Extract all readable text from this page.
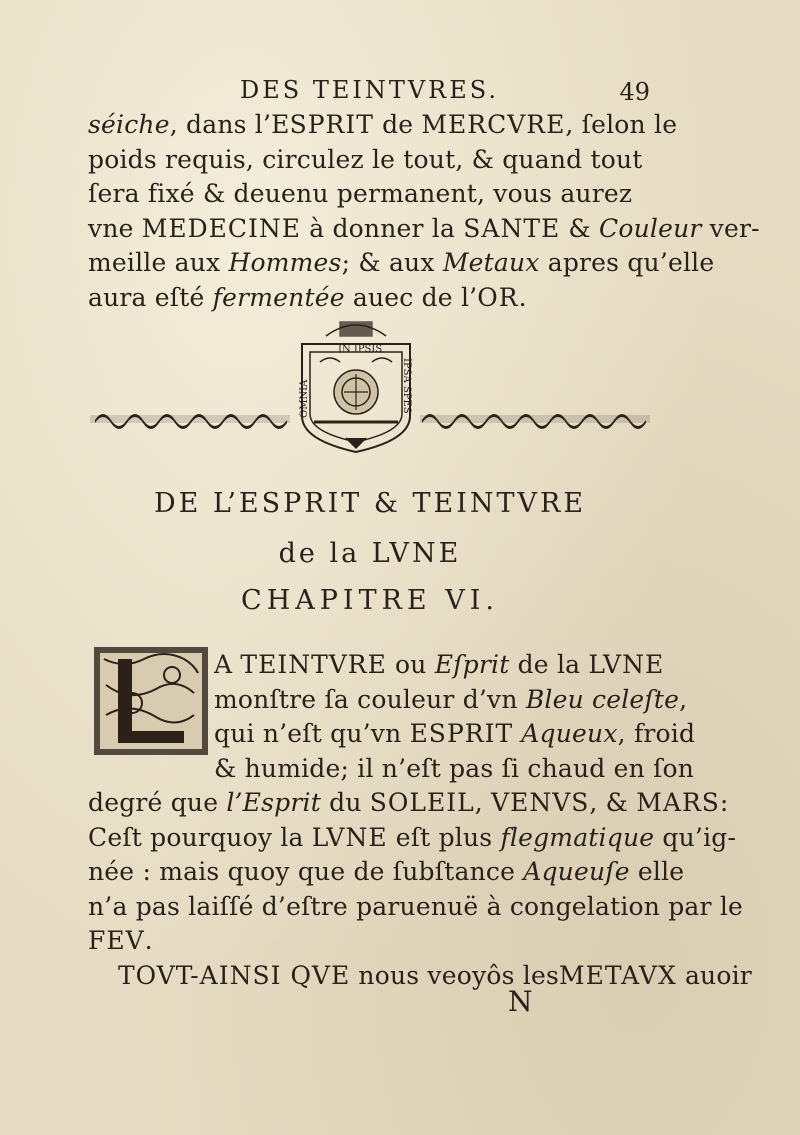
DES TEINTVRES.	49
séiche, dans l’ESPRIT de MERCVRE, ſelon le
poids requis, circulez le tout, & quand tout
ſera fixé & deuenu permanent, vous aurez
vne MEDECINE à donner la SANTE & Couleur ver-
meille aux Hommes; & aux Metaux apres qu’elle
aura eſté fermentée auec de l’OR.
IN IPSIS
OMNIA	IPSA SPES
DE L’ESPRIT & TEINTVRE
de la LVNE
CHAPITRE VI.
A TEINTVRE ou Eſprit de la LVNE
monſtre ſa couleur d’vn Bleu celeſte,
qui n’eſt qu’vn ESPRIT Aqueux, froid
& humide; il n’eſt pas ſi chaud en ſon
degré que l’Esprit du SOLEIL, VENVS, & MARS:
Ceſt pourquoy la LVNE eſt plus flegmatique qu’ig-
née : mais quoy que de ſubſtance Aqueuſe elle
n’a pas laiſſé d’eſtre paruenuë à congelation par le
FEV.
TOVT-AINSI QVE nous veoyôs lesMETAVX auoir
N
